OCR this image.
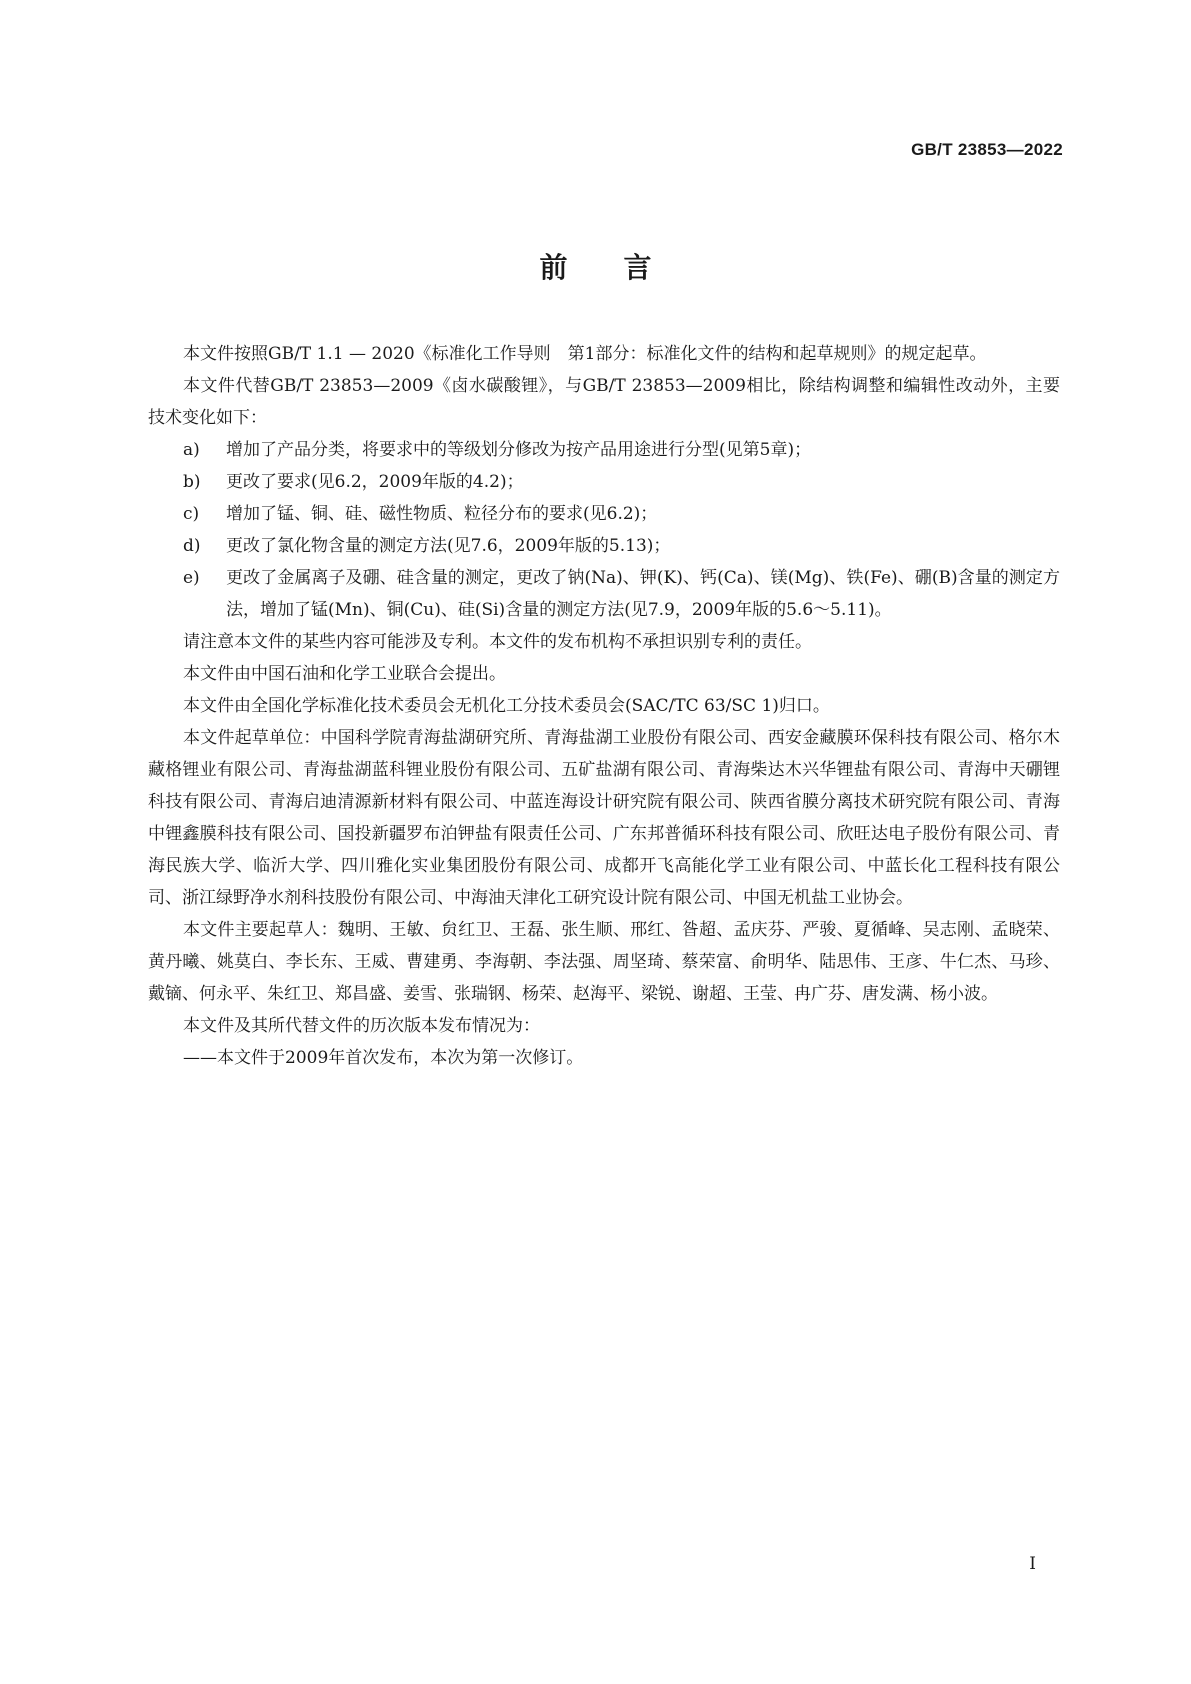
GB/T 23853—2022
前言

本文件按照GB/T 1.1 — 2020《标准化工作导则　第1部分：标准化文件的结构和起草规则》的规定起草。

本文件代替GB/T 23853—2009《卤水碳酸锂》，与GB/T 23853—2009相比，除结构调整和编辑性改动外，主要技术变化如下：

a) 增加了产品分类，将要求中的等级划分修改为按产品用途进行分型(见第5章)；

b) 更改了要求(见6.2，2009年版的4.2)；

c) 增加了锰、铜、硅、磁性物质、粒径分布的要求(见6.2)；

d) 更改了氯化物含量的测定方法(见7.6，2009年版的5.13)；

e) 更改了金属离子及硼、硅含量的测定，更改了钠(Na)、钾(K)、钙(Ca)、镁(Mg)、铁(Fe)、硼(B)含量的测定方法，增加了锰(Mn)、铜(Cu)、硅(Si)含量的测定方法(见7.9，2009年版的5.6～5.11)。

请注意本文件的某些内容可能涉及专利。本文件的发布机构不承担识别专利的责任。

本文件由中国石油和化学工业联合会提出。

本文件由全国化学标准化技术委员会无机化工分技术委员会(SAC/TC 63/SC 1)归口。

本文件起草单位：中国科学院青海盐湖研究所、青海盐湖工业股份有限公司、西安金藏膜环保科技有限公司、格尔木藏格锂业有限公司、青海盐湖蓝科锂业股份有限公司、五矿盐湖有限公司、青海柴达木兴华锂盐有限公司、青海中天硼锂科技有限公司、青海启迪清源新材料有限公司、中蓝连海设计研究院有限公司、陕西省膜分离技术研究院有限公司、青海中锂鑫膜科技有限公司、国投新疆罗布泊钾盐有限责任公司、广东邦普循环科技有限公司、欣旺达电子股份有限公司、青海民族大学、临沂大学、四川雅化实业集团股份有限公司、成都开飞高能化学工业有限公司、中蓝长化工程科技有限公司、浙江绿野净水剂科技股份有限公司、中海油天津化工研究设计院有限公司、中国无机盐工业协会。

本文件主要起草人：魏明、王敏、贠红卫、王磊、张生顺、邢红、昝超、孟庆芬、严骏、夏循峰、吴志刚、孟晓荣、黄丹曦、姚莫白、李长东、王威、曹建勇、李海朝、李法强、周坚琦、蔡荣富、俞明华、陆思伟、王彦、牛仁杰、马珍、戴镝、何永平、朱红卫、郑昌盛、姜雪、张瑞钢、杨荣、赵海平、梁锐、谢超、王莹、冉广芬、唐发满、杨小波。

本文件及其所代替文件的历次版本发布情况为：

——本文件于2009年首次发布，本次为第一次修订。

I
